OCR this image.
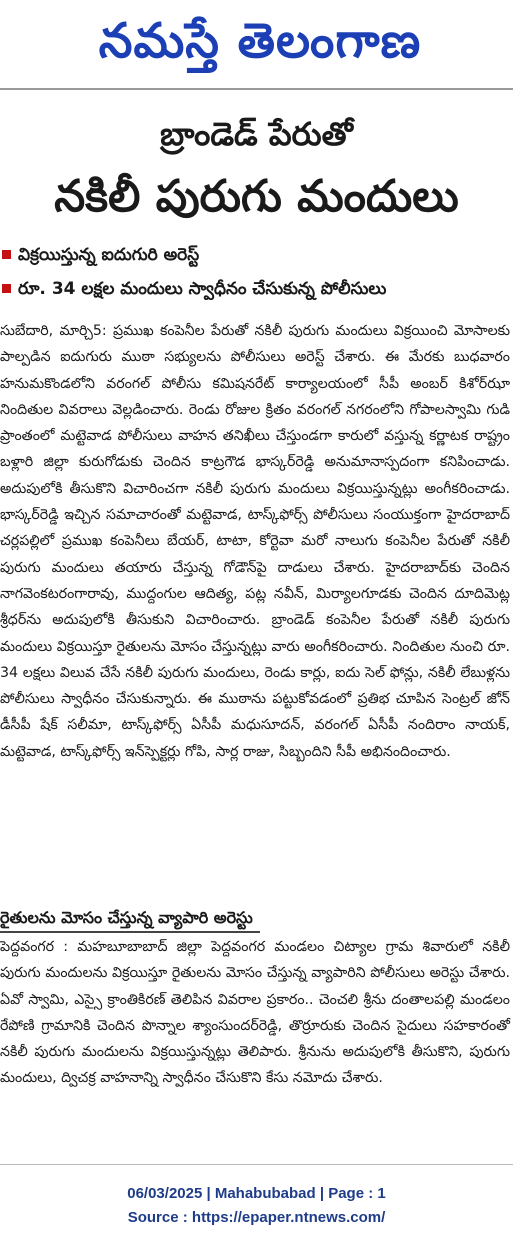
నమస్తే తెలంగాణ
బ్రాండెడ్ పేరుతో
నకిలీ పురుగు మందులు
విక్రయిస్తున్న ఐదుగురి అరెస్ట్
రూ. 34 లక్షల మందులు స్వాధీనం చేసుకున్న పోలీసులు
సుబేదారి, మార్చి5: ప్రముఖ కంపెనీల పేరుతో నకిలీ పురుగు మందులు విక్రయించి మోసాలకు పాల్పడిన ఐదుగురు ముఠా సభ్యులను పోలీసులు అరెస్ట్ చేశారు. ఈ మేరకు బుధవారం హనుమకొండలోని వరంగల్ పోలీసు కమిషనరేట్ కార్యాలయంలో సీపీ అంబర్ కిశోర్‌ఝా నిందితుల వివరాలు వెల్లడించారు. రెండు రోజుల క్రితం వరంగల్ నగరంలోని గోపాలస్వామి గుడి ప్రాంతంలో మట్టెవాడ పోలీసులు వాహన తనిఖీలు చేస్తుండగా కారులో వస్తున్న కర్ణాటక రాష్ట్రం బళ్లారి జిల్లా కురుగోడుకు చెందిన కాట్రగౌడ భాస్కర్‌రెడ్డి అనుమానాస్పదంగా కనిపించాడు. అదుపులోకి తీసుకొని విచారించగా నకిలీ పురుగు మందులు విక్రయిస్తున్నట్లు అంగీకరించాడు. భాస్కర్‌రెడ్డి ఇచ్చిన సమాచారంతో మట్టెవాడ, టాస్క్‌ఫోర్స్ పోలీసులు సంయుక్తంగా హైదరాబాద్ చర్లపల్లిలో ప్రముఖ కంపెనీలు బేయర్, టాటా, కోర్టెవా మరో నాలుగు కంపెనీల పేరుతో నకిలీ పురుగు మందులు తయారు చేస్తున్న గోడౌన్‌పై దాడులు చేశారు. హైదరాబాద్‌కు చెందిన నాగవెంకటరంగారావు, ముద్దంగుల ఆదిత్య, పట్ల నవీన్, మిర్యాలగూడకు చెందిన దూదిమెట్ల శ్రీధర్‌ను అదుపులోకి తీసుకుని విచారించారు. బ్రాండెడ్ కంపెనీల పేరుతో నకిలీ పురుగు మందులు విక్రయిస్తూ రైతులను మోసం చేస్తున్నట్లు వారు అంగీకరించారు. నిందితుల నుంచి రూ. 34 లక్షలు విలువ చేసే నకిలీ పురుగు మందులు, రెండు కార్లు, ఐదు సెల్ ఫోన్లు, నకిలీ లేబుళ్లను పోలీసులు స్వాధీనం చేసుకున్నారు. ఈ ముఠాను పట్టుకోవడంలో ప్రతిభ చూపిన సెంట్రల్ జోన్ డీసీపీ షేక్ సలీమా, టాస్క్‌ఫోర్స్ ఏసీపీ మధుసూదన్, వరంగల్ ఏసీపీ నందిరాం నాయక్, మట్టెవాడ, టాస్క్‌ఫోర్స్ ఇన్‌స్పెక్టర్లు గోపి, సార్ల రాజు, సిబ్బందిని సీపీ అభినందించారు.
రైతులను మోసం చేస్తున్న వ్యాపారి అరెస్టు
పెద్దవంగర : మహబూబాబాద్ జిల్లా పెద్దవంగర మండలం చిట్యాల గ్రామ శివారులో నకిలీ పురుగు మందులను విక్రయిస్తూ రైతులను మోసం చేస్తున్న వ్యాపారిని పోలీసులు అరెస్టు చేశారు. ఏవో స్వామి, ఎస్సై క్రాంతికిరణ్ తెలిపిన వివరాల ప్రకారం.. చెంచలి శ్రీను దంతాలపల్లి మండలం రేపోణి గ్రామానికి చెందిన పొన్నాల శ్యాంసుందర్‌రెడ్డి, తొర్రూరుకు చెందిన సైదులు సహకారంతో నకిలీ పురుగు మందులను విక్రయిస్తున్నట్లు తెలిపారు. శ్రీనును అదుపులోకి తీసుకొని, పురుగు మందులు, ద్విచక్ర వాహనాన్ని స్వాధీనం చేసుకొని కేసు నమోదు చేశారు.
06/03/2025 | Mahabubabad | Page : 1
Source : https://epaper.ntnews.com/
